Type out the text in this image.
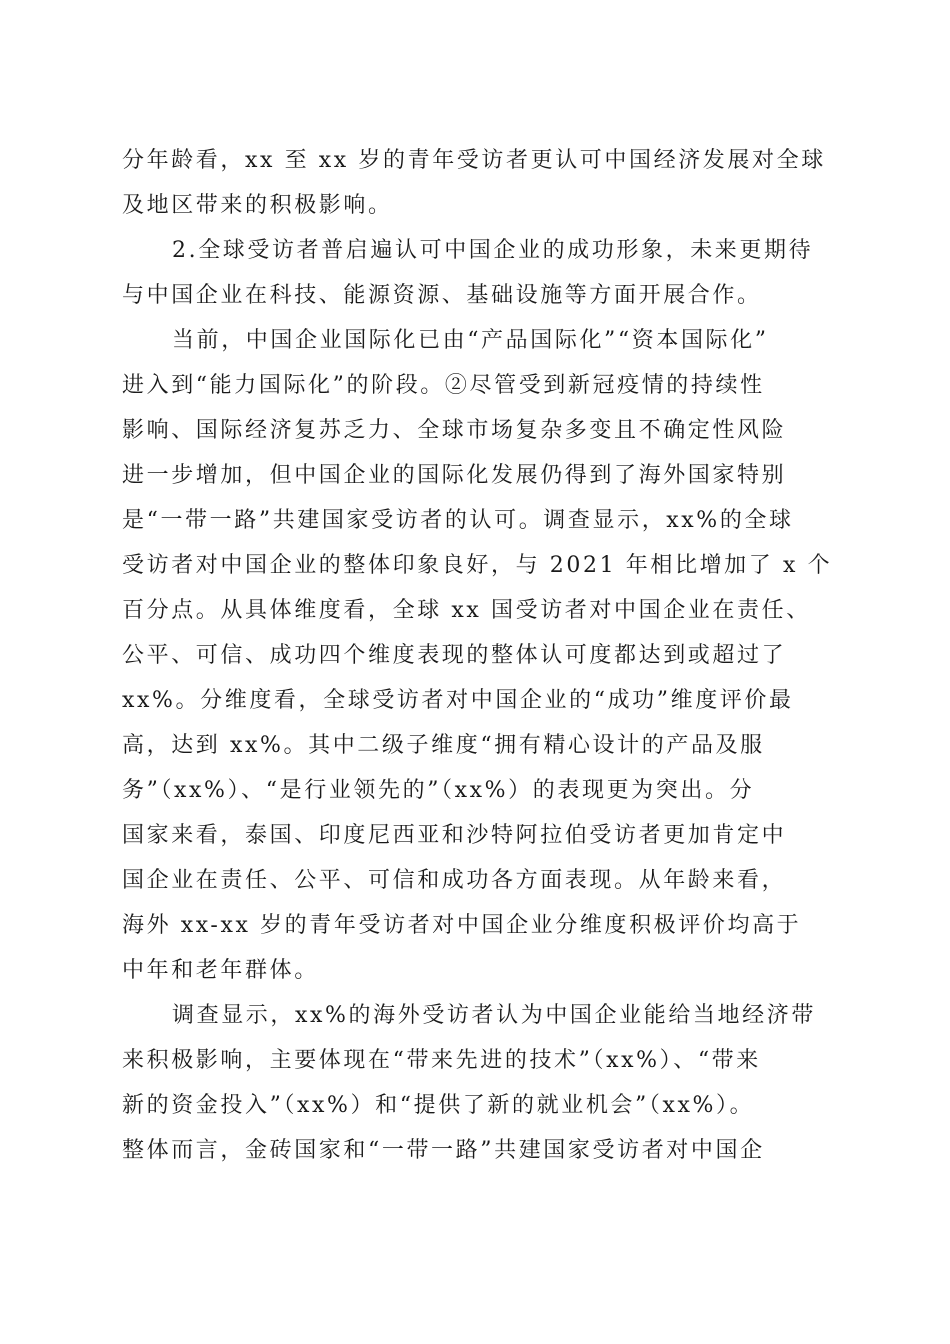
分年龄看，xx 至 xx 岁的青年受访者更认可中国经济发展对全球
及地区带来的积极影响。
2.全球受访者普启遍认可中国企业的成功形象，未来更期待
与中国企业在科技、能源资源、基础设施等方面开展合作。
当前，中国企业国际化已由“产品国际化”“资本国际化”
进入到“能力国际化”的阶段。②尽管受到新冠疫情的持续性
影响、国际经济复苏乏力、全球市场复杂多变且不确定性风险
进一步增加，但中国企业的国际化发展仍得到了海外国家特别
是“一带一路”共建国家受访者的认可。调查显示，xx%的全球
受访者对中国企业的整体印象良好，与 2021 年相比增加了 x 个
百分点。从具体维度看，全球 xx 国受访者对中国企业在责任、
公平、可信、成功四个维度表现的整体认可度都达到或超过了
xx%。分维度看，全球受访者对中国企业的“成功”维度评价最
高，达到 xx%。其中二级子维度“拥有精心设计的产品及服
务”（xx%）、“是行业领先的”（xx%）的表现更为突出。分
国家来看，泰国、印度尼西亚和沙特阿拉伯受访者更加肯定中
国企业在责任、公平、可信和成功各方面表现。从年龄来看，
海外 xx-xx 岁的青年受访者对中国企业分维度积极评价均高于
中年和老年群体。
调查显示，xx%的海外受访者认为中国企业能给当地经济带
来积极影响，主要体现在“带来先进的技术”（xx%）、“带来
新的资金投入”（xx%）和“提供了新的就业机会”（xx%）。
整体而言，金砖国家和“一带一路”共建国家受访者对中国企
